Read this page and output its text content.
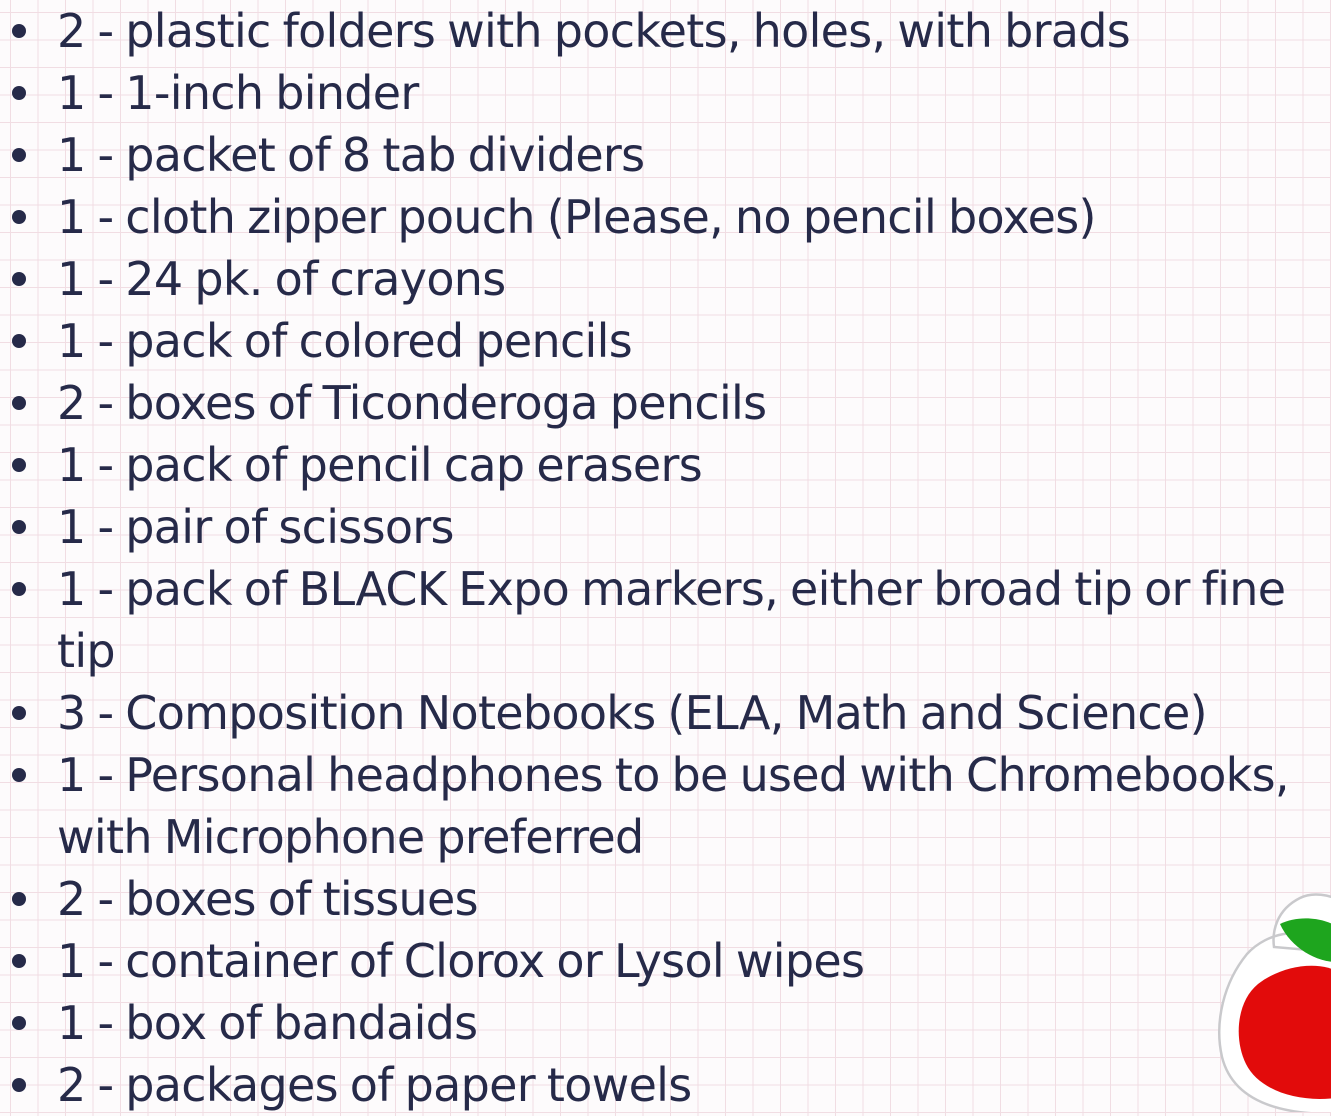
2 - plastic folders with pockets, holes, with brads
1 - 1-inch binder
1 - packet of 8 tab dividers
1 - cloth zipper pouch (Please, no pencil boxes)
1 - 24 pk. of crayons
1 - pack of colored pencils
2 - boxes of Ticonderoga pencils
1 - pack of pencil cap erasers
1 - pair of scissors
1 - pack of BLACK Expo markers, either broad tip or fine tip
3 - Composition Notebooks (ELA, Math and Science)
1 - Personal headphones to be used with Chromebooks, with Microphone preferred
2 - boxes of tissues
1 - container of Clorox or Lysol wipes
1 - box of bandaids
2 - packages of paper towels
